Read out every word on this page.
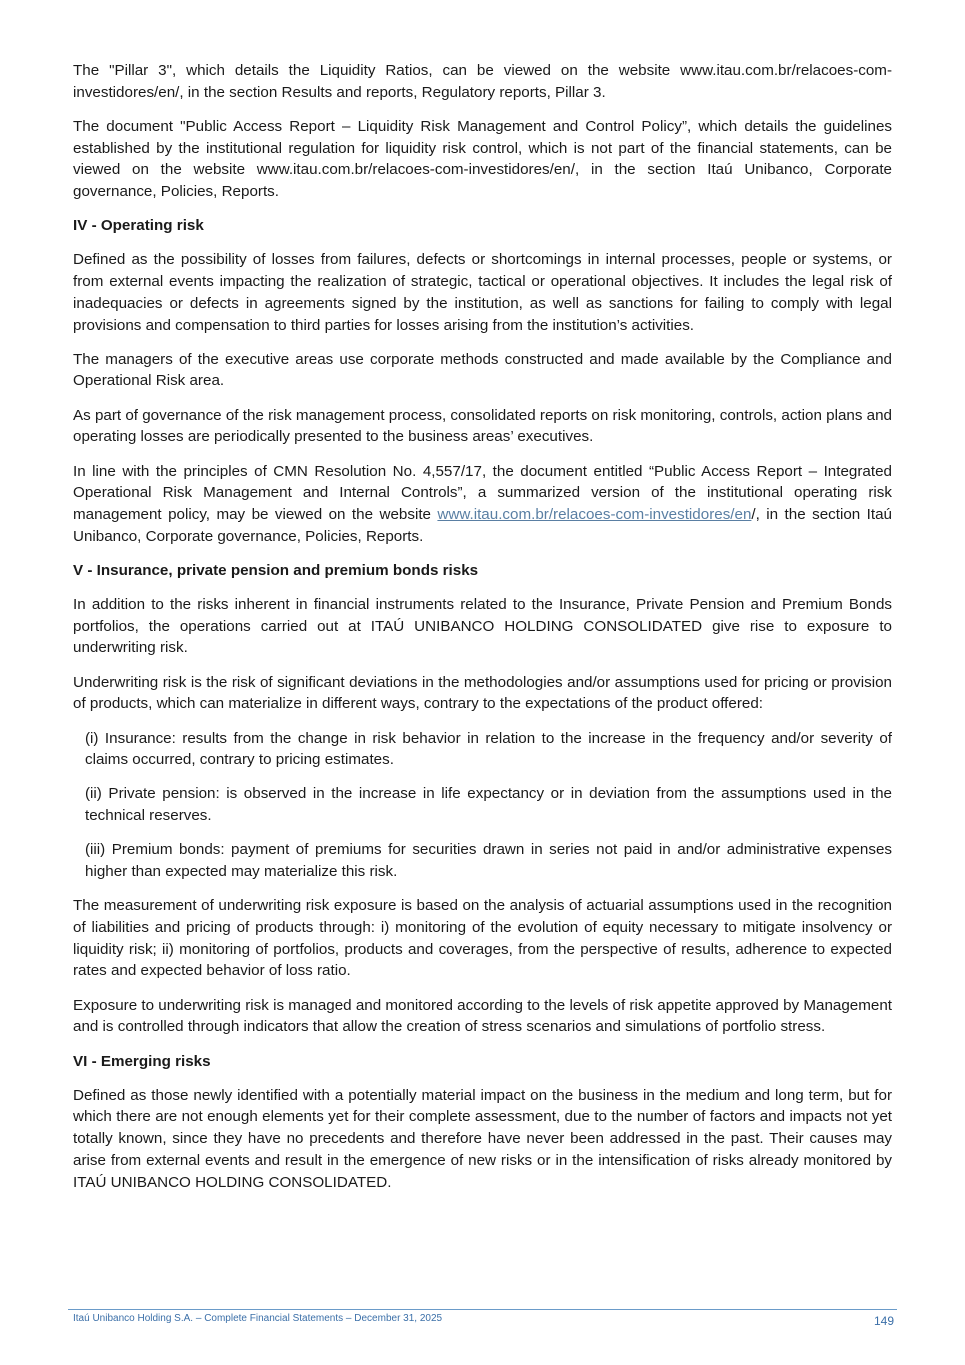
The "Pillar 3", which details the Liquidity Ratios, can be viewed on the website www.itau.com.br/relacoes-com-investidores/en/, in the section Results and reports, Regulatory reports, Pillar 3.

The document "Public Access Report – Liquidity Risk Management and Control Policy”, which details the guidelines established by the institutional regulation for liquidity risk control, which is not part of the financial statements, can be viewed on the website www.itau.com.br/relacoes-com-investidores/en/, in the section Itaú Unibanco, Corporate governance, Policies, Reports.

IV - Operating risk

Defined as the possibility of losses from failures, defects or shortcomings in internal processes, people or systems, or from external events impacting the realization of strategic, tactical or operational objectives. It includes the legal risk of inadequacies or defects in agreements signed by the institution, as well as sanctions for failing to comply with legal provisions and compensation to third parties for losses arising from the institution’s activities.

The managers of the executive areas use corporate methods constructed and made available by the Compliance and Operational Risk area.

As part of governance of the risk management process, consolidated reports on risk monitoring, controls, action plans and operating losses are periodically presented to the business areas’ executives.

In line with the principles of CMN Resolution No. 4,557/17, the document entitled “Public Access Report – Integrated Operational Risk Management and Internal Controls”, a summarized version of the institutional operating risk management policy, may be viewed on the website www.itau.com.br/relacoes-com-investidores/en/, in the section Itaú Unibanco, Corporate governance, Policies, Reports.

V - Insurance, private pension and premium bonds risks

In addition to the risks inherent in financial instruments related to the Insurance, Private Pension and Premium Bonds portfolios, the operations carried out at ITAÚ UNIBANCO HOLDING CONSOLIDATED give rise to exposure to underwriting risk.

Underwriting risk is the risk of significant deviations in the methodologies and/or assumptions used for pricing or provision of products, which can materialize in different ways, contrary to the expectations of the product offered:

(i) Insurance: results from the change in risk behavior in relation to the increase in the frequency and/or severity of claims occurred, contrary to pricing estimates.

(ii) Private pension: is observed in the increase in life expectancy or in deviation from the assumptions used in the technical reserves.

(iii) Premium bonds: payment of premiums for securities drawn in series not paid in and/or administrative expenses higher than expected may materialize this risk.

The measurement of underwriting risk exposure is based on the analysis of actuarial assumptions used in the recognition of liabilities and pricing of products through: i) monitoring of the evolution of equity necessary to mitigate insolvency or liquidity risk; ii) monitoring of portfolios, products and coverages, from the perspective of results, adherence to expected rates and expected behavior of loss ratio.

Exposure to underwriting risk is managed and monitored according to the levels of risk appetite approved by Management and is controlled through indicators that allow the creation of stress scenarios and simulations of portfolio stress.

VI - Emerging risks

Defined as those newly identified with a potentially material impact on the business in the medium and long term, but for which there are not enough elements yet for their complete assessment, due to the number of factors and impacts not yet totally known, since they have no precedents and therefore have never been addressed in the past. Their causes may arise from external events and result in the emergence of new risks or in the intensification of risks already monitored by ITAÚ UNIBANCO HOLDING CONSOLIDATED.

Itaú Unibanco Holding S.A. – Complete Financial Statements – December 31, 2025	149
